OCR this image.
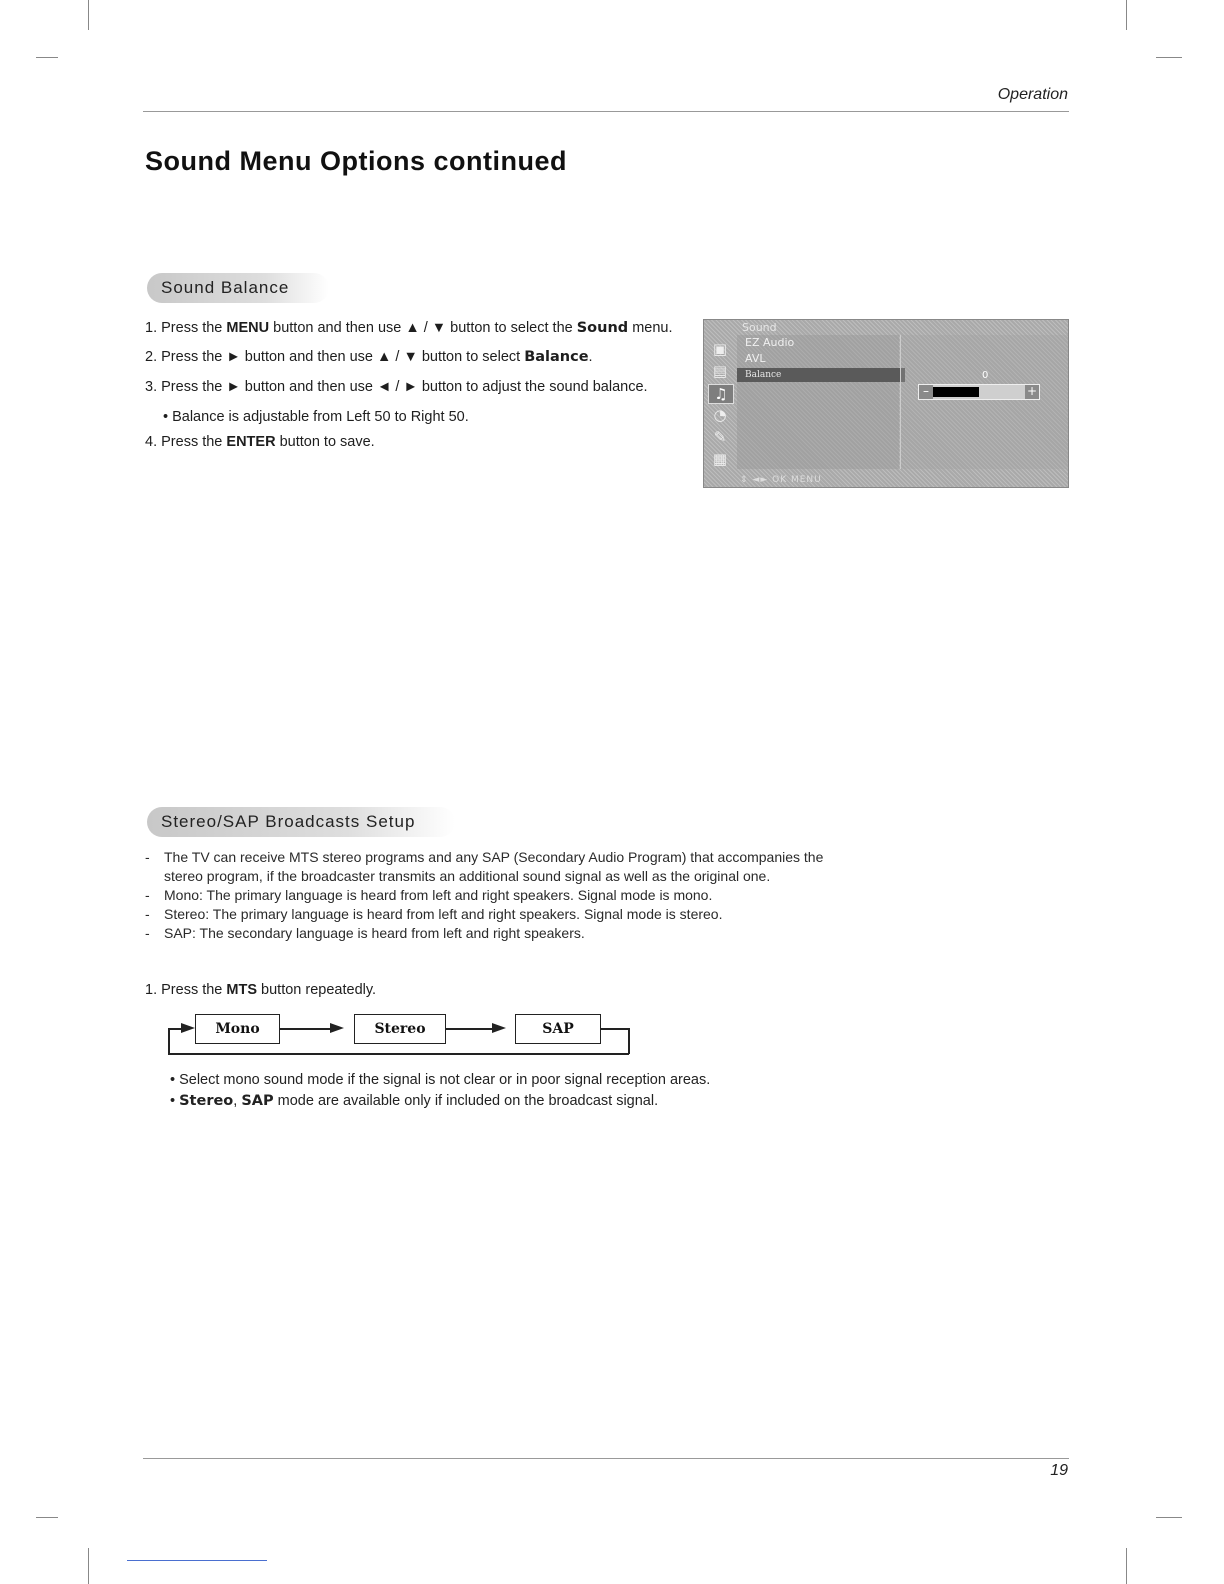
Operation
Sound Menu Options continued
Sound Balance
1. Press the MENU button and then use ▲ / ▼ button to select the Sound menu.
2. Press the ► button and then use ▲ / ▼ button to select Balance.
3. Press the ► button and then use ◄ / ► button to adjust the sound balance.
• Balance is adjustable from Left 50 to Right 50.
4. Press the ENTER button to save.
Sound
▣
▤
♫
◔
✎
▦
EZ Audio
AVL
Balance	0
–	+
⇕ ◄► OK MENU
Stereo/SAP Broadcasts Setup
- The TV can receive MTS stereo programs and any SAP (Secondary Audio Program) that accompanies the
stereo program, if the broadcaster transmits an additional sound signal as well as the original one.
- Mono: The primary language is heard from left and right speakers. Signal mode is mono.
- Stereo: The primary language is heard from left and right speakers. Signal mode is stereo.
- SAP: The secondary language is heard from left and right speakers.
1. Press the MTS button repeatedly.
Mono	Stereo	SAP
• Select mono sound mode if the signal is not clear or in poor signal reception areas.
• Stereo, SAP mode are available only if included on the broadcast signal.
19
